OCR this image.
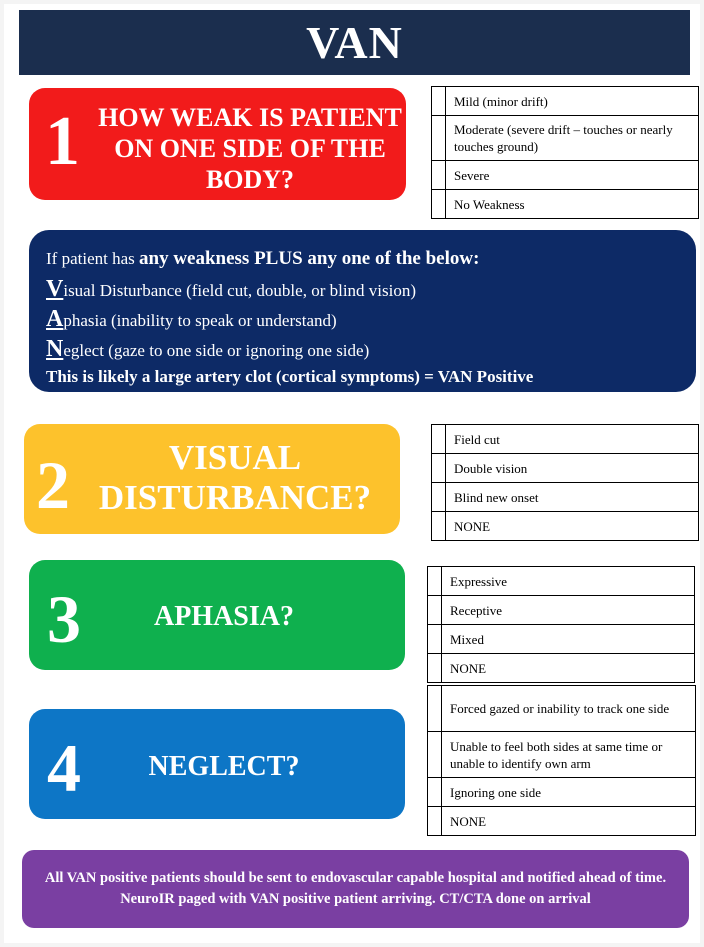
VAN
1 HOW WEAK IS PATIENT ON ONE SIDE OF THE BODY?
	Mild (minor drift)
	Moderate (severe drift – touches or nearly touches ground)
	Severe
	No Weakness
If patient has any weakness PLUS any one of the below:
Visual Disturbance (field cut, double, or blind vision)
Aphasia (inability to speak or understand)
Neglect (gaze to one side or ignoring one side)
This is likely a large artery clot (cortical symptoms) = VAN Positive
2	VISUAL DISTURBANCE?
	Field cut
	Double vision
	Blind new onset
	NONE
3	APHASIA?
	Expressive
	Receptive
	Mixed
	NONE
4	NEGLECT?
	Forced gazed or inability to track one side
	Unable to feel both sides at same time or unable to identify own arm
	Ignoring one side
	NONE
All VAN positive patients should be sent to endovascular capable hospital and notified ahead of time. NeuroIR paged with VAN positive patient arriving. CT/CTA done on arrival
